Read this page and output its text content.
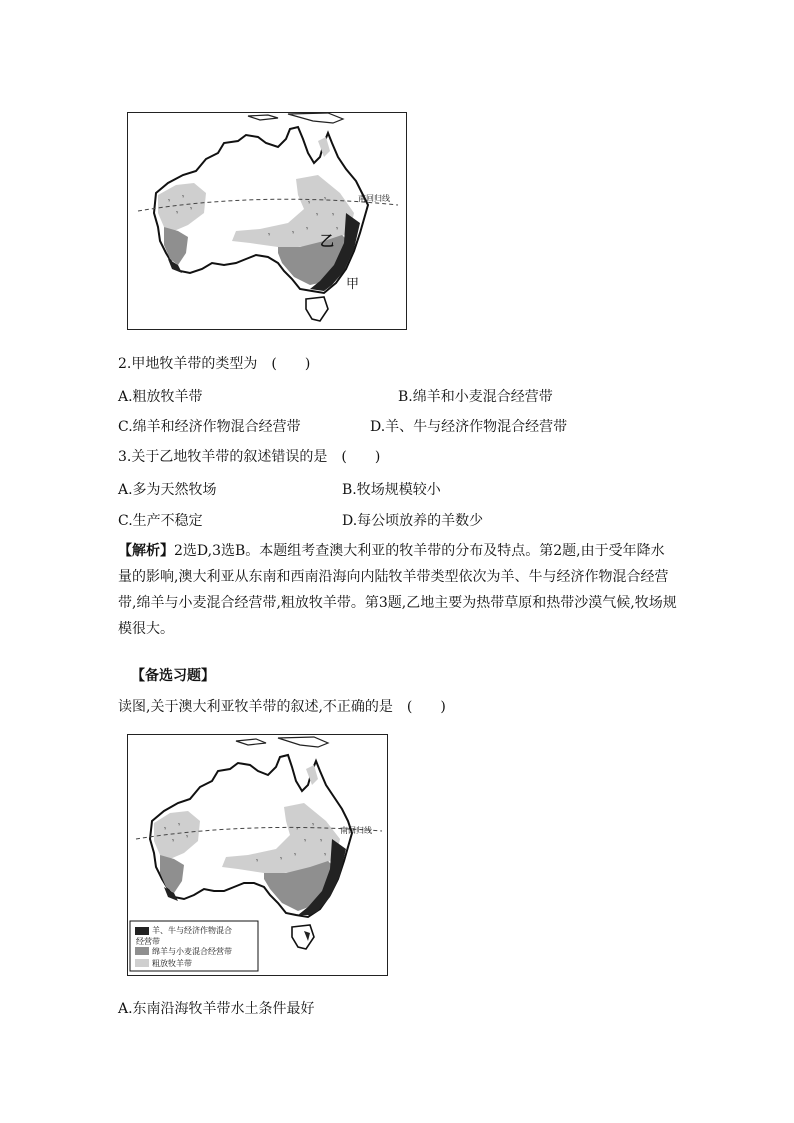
ᵞ
ᵞ
ᵞ
ᵞ
ᵞ
ᵞ
ᵞ ᵞ
ᵞ
ᵞ
ᵞ
ᵞ
南回归线
乙
甲
2.甲地牧羊带的类型为　(　　)
A.粗放牧羊带	B.绵羊和小麦混合经营带
C.绵羊和经济作物混合经营带	D.羊、牛与经济作物混合经营带
3.关于乙地牧羊带的叙述错误的是　(　　)
A.多为天然牧场	B.牧场规模较小
C.生产不稳定	D.每公顷放养的羊数少
【解析】2选D,3选B。本题组考查澳大利亚的牧羊带的分布及特点。第2题,由于受年降水量的影响,澳大利亚从东南和西南沿海向内陆牧羊带类型依次为羊、牛与经济作物混合经营带,绵羊与小麦混合经营带,粗放牧羊带。第3题,乙地主要为热带草原和热带沙漠气候,牧场规模很大。
【备选习题】
读图,关于澳大利亚牧羊带的叙述,不正确的是　(　　)
ᵞ
ᵞ
ᵞ
ᵞ
ᵞ
ᵞ
ᵞ ᵞ
ᵞ
ᵞ
ᵞ
ᵞ
南回归线
羊、牛与经济作物混合
经营带
绵羊与小麦混合经营带
粗放牧羊带
A.东南沿海牧羊带水土条件最好
